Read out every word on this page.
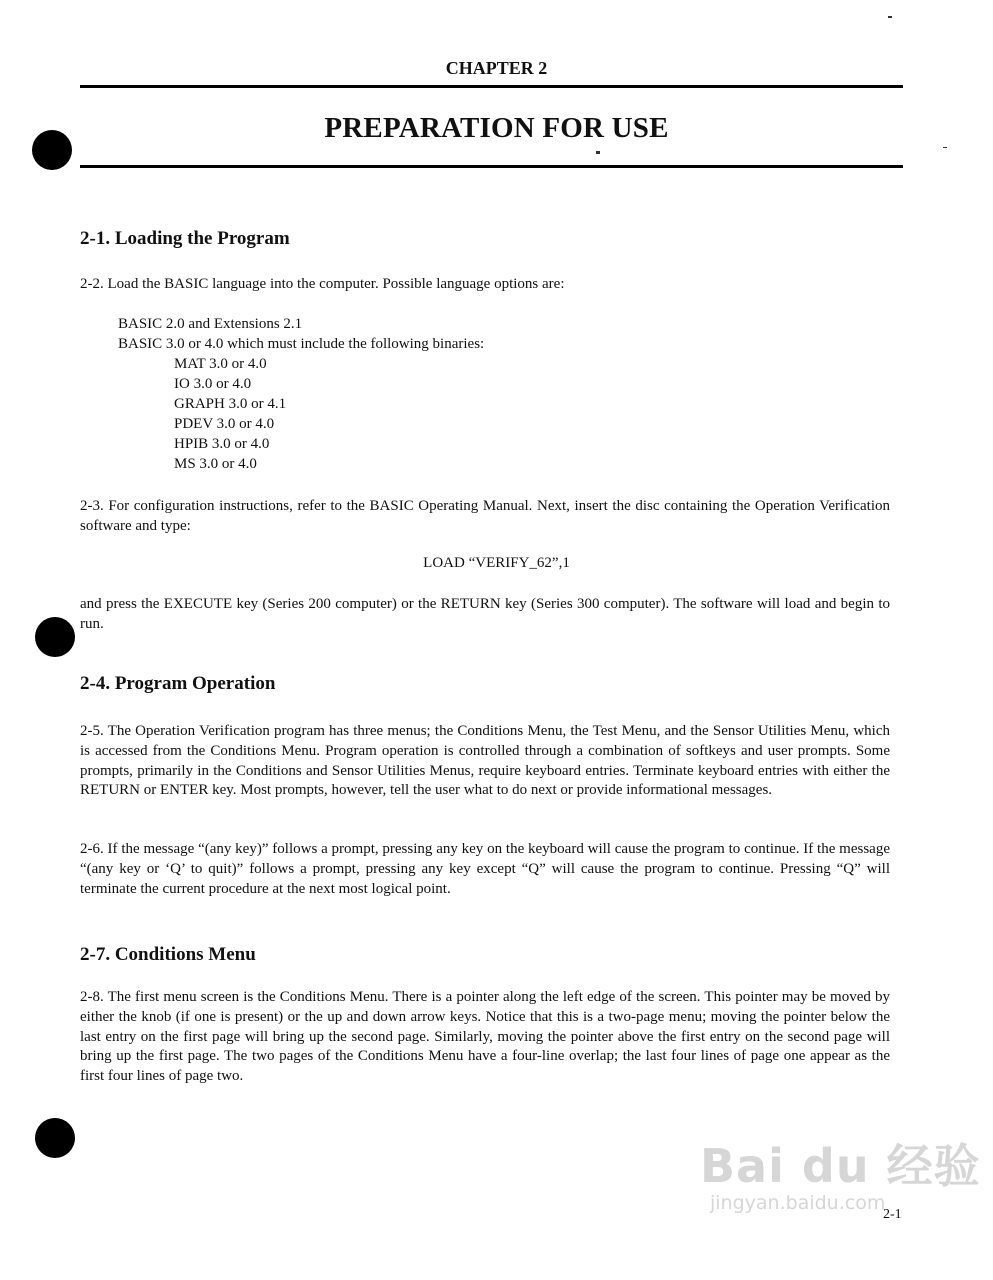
CHAPTER 2
PREPARATION FOR USE
2-1. Loading the Program
2-2. Load the BASIC language into the computer. Possible language options are:
BASIC 2.0 and Extensions 2.1
BASIC 3.0 or 4.0 which must include the following binaries:
MAT 3.0 or 4.0
IO 3.0 or 4.0
GRAPH 3.0 or 4.1
PDEV 3.0 or 4.0
HPIB 3.0 or 4.0
MS 3.0 or 4.0
2-3. For configuration instructions, refer to the BASIC Operating Manual. Next, insert the disc containing the Operation Verification software and type:
LOAD “VERIFY_62”,1
and press the EXECUTE key (Series 200 computer) or the RETURN key (Series 300 computer). The software will load and begin to run.
2-4. Program Operation
2-5. The Operation Verification program has three menus; the Conditions Menu, the Test Menu, and the Sensor Utilities Menu, which is accessed from the Conditions Menu. Program operation is controlled through a combination of softkeys and user prompts. Some prompts, primarily in the Conditions and Sensor Utilities Menus, require keyboard entries. Terminate keyboard entries with either the RETURN or ENTER key. Most prompts, however, tell the user what to do next or provide informational messages.
2-6. If the message “(any key)” follows a prompt, pressing any key on the keyboard will cause the program to continue. If the message “(any key or ‘Q’ to quit)” follows a prompt, pressing any key except “Q” will cause the program to continue. Pressing “Q” will terminate the current procedure at the next most logical point.
2-7. Conditions Menu
2-8. The first menu screen is the Conditions Menu. There is a pointer along the left edge of the screen. This pointer may be moved by either the knob (if one is present) or the up and down arrow keys. Notice that this is a two-page menu; moving the pointer below the last entry on the first page will bring up the second page. Similarly, moving the pointer above the first entry on the second page will bring up the first page. The two pages of the Conditions Menu have a four-line overlap; the last four lines of page one appear as the first four lines of page two.
Bai du 经验
jingyan.baidu.com
2-1
